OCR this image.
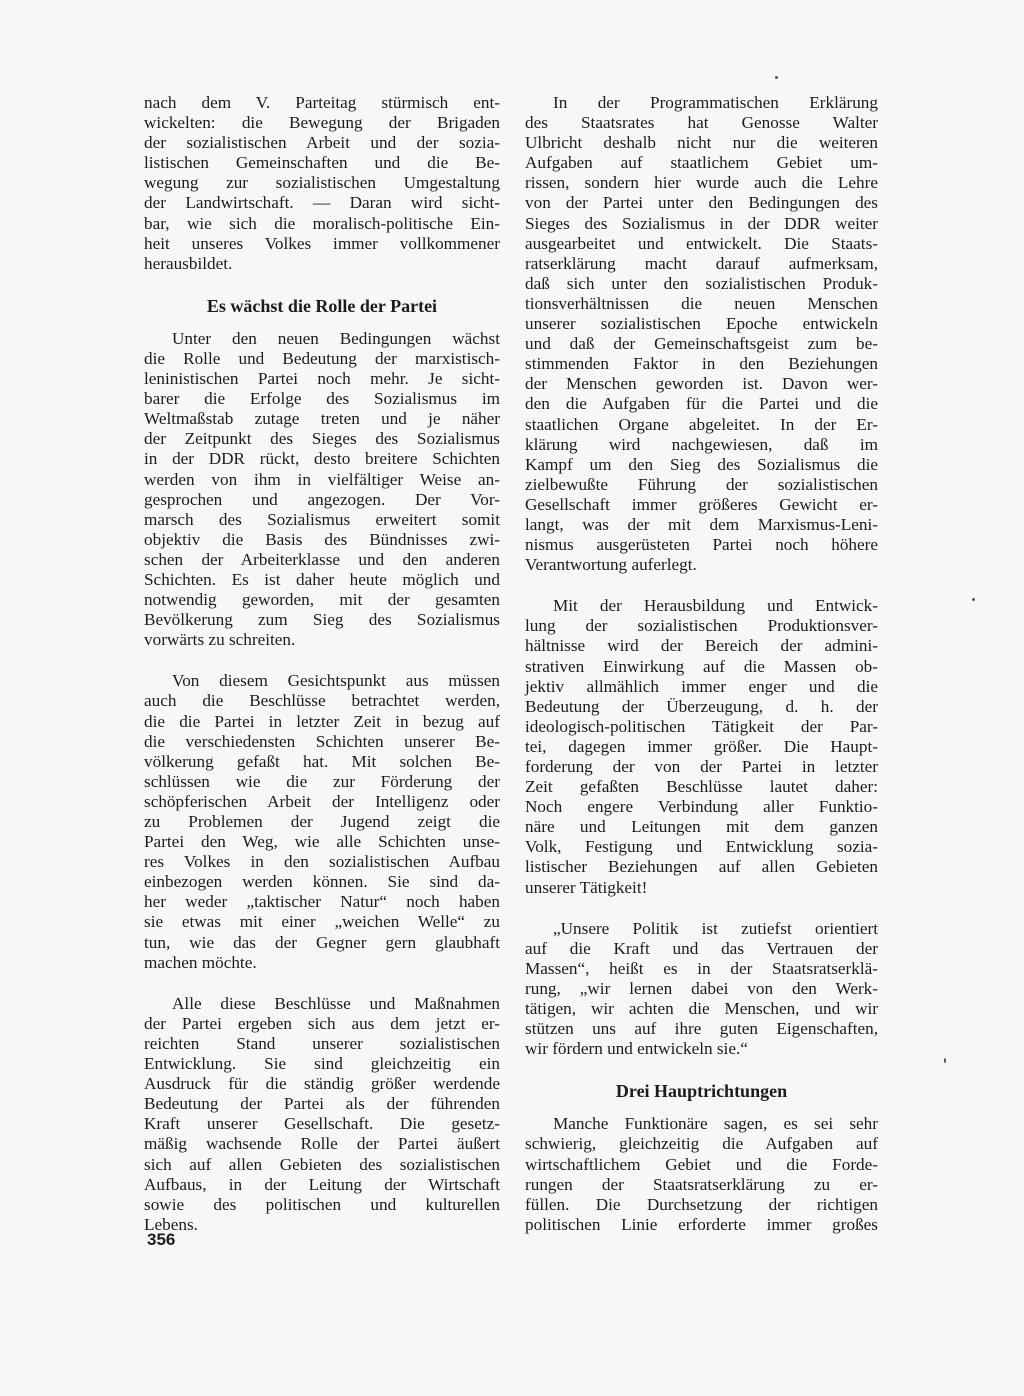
nach dem V. Parteitag stürmisch ent-
wickelten: die Bewegung der Brigaden
der sozialistischen Arbeit und der sozia-
listischen Gemeinschaften und die Be-
wegung zur sozialistischen Umgestaltung
der Landwirtschaft. — Daran wird sicht-
bar, wie sich die moralisch-politische Ein-
heit unseres Volkes immer vollkommener
herausbildet.
Es wächst die Rolle der Partei
Unter den neuen Bedingungen wächst
die Rolle und Bedeutung der marxistisch-
leninistischen Partei noch mehr. Je sicht-
barer die Erfolge des Sozialismus im
Weltmaßstab zutage treten und je näher
der Zeitpunkt des Sieges des Sozialismus
in der DDR rückt, desto breitere Schichten
werden von ihm in vielfältiger Weise an-
gesprochen und angezogen. Der Vor-
marsch des Sozialismus erweitert somit
objektiv die Basis des Bündnisses zwi-
schen der Arbeiterklasse und den anderen
Schichten. Es ist daher heute möglich und
notwendig geworden, mit der gesamten
Bevölkerung zum Sieg des Sozialismus
vorwärts zu schreiten.
Von diesem Gesichtspunkt aus müssen
auch die Beschlüsse betrachtet werden,
die die Partei in letzter Zeit in bezug auf
die verschiedensten Schichten unserer Be-
völkerung gefaßt hat. Mit solchen Be-
schlüssen wie die zur Förderung der
schöpferischen Arbeit der Intelligenz oder
zu Problemen der Jugend zeigt die
Partei den Weg, wie alle Schichten unse-
res Volkes in den sozialistischen Aufbau
einbezogen werden können. Sie sind da-
her weder „taktischer Natur“ noch haben
sie etwas mit einer „weichen Welle“ zu
tun, wie das der Gegner gern glaubhaft
machen möchte.
Alle diese Beschlüsse und Maßnahmen
der Partei ergeben sich aus dem jetzt er-
reichten Stand unserer sozialistischen
Entwicklung. Sie sind gleichzeitig ein
Ausdruck für die ständig größer werdende
Bedeutung der Partei als der führenden
Kraft unserer Gesellschaft. Die gesetz-
mäßig wachsende Rolle der Partei äußert
sich auf allen Gebieten des sozialistischen
Aufbaus, in der Leitung der Wirtschaft
sowie des politischen und kulturellen
Lebens.
In der Programmatischen Erklärung
des Staatsrates hat Genosse Walter
Ulbricht deshalb nicht nur die weiteren
Aufgaben auf staatlichem Gebiet um-
rissen, sondern hier wurde auch die Lehre
von der Partei unter den Bedingungen des
Sieges des Sozialismus in der DDR weiter
ausgearbeitet und entwickelt. Die Staats-
ratserklärung macht darauf aufmerksam,
daß sich unter den sozialistischen Produk-
tionsverhältnissen die neuen Menschen
unserer sozialistischen Epoche entwickeln
und daß der Gemeinschaftsgeist zum be-
stimmenden Faktor in den Beziehungen
der Menschen geworden ist. Davon wer-
den die Aufgaben für die Partei und die
staatlichen Organe abgeleitet. In der Er-
klärung wird nachgewiesen, daß im
Kampf um den Sieg des Sozialismus die
zielbewußte Führung der sozialistischen
Gesellschaft immer größeres Gewicht er-
langt, was der mit dem Marxismus-Leni-
nismus ausgerüsteten Partei noch höhere
Verantwortung auferlegt.
Mit der Herausbildung und Entwick-
lung der sozialistischen Produktionsver-
hältnisse wird der Bereich der admini-
strativen Einwirkung auf die Massen ob-
jektiv allmählich immer enger und die
Bedeutung der Überzeugung, d. h. der
ideologisch-politischen Tätigkeit der Par-
tei, dagegen immer größer. Die Haupt-
forderung der von der Partei in letzter
Zeit gefaßten Beschlüsse lautet daher:
Noch engere Verbindung aller Funktio-
näre und Leitungen mit dem ganzen
Volk, Festigung und Entwicklung sozia-
listischer Beziehungen auf allen Gebieten
unserer Tätigkeit!
„Unsere Politik ist zutiefst orientiert
auf die Kraft und das Vertrauen der
Massen“, heißt es in der Staatsratserklä-
rung, „wir lernen dabei von den Werk-
tätigen, wir achten die Menschen, und wir
stützen uns auf ihre guten Eigenschaften,
wir fördern und entwickeln sie.“
Drei Hauptrichtungen
Manche Funktionäre sagen, es sei sehr
schwierig, gleichzeitig die Aufgaben auf
wirtschaftlichem Gebiet und die Forde-
rungen der Staatsratserklärung zu er-
füllen. Die Durchsetzung der richtigen
politischen Linie erforderte immer großes
356
